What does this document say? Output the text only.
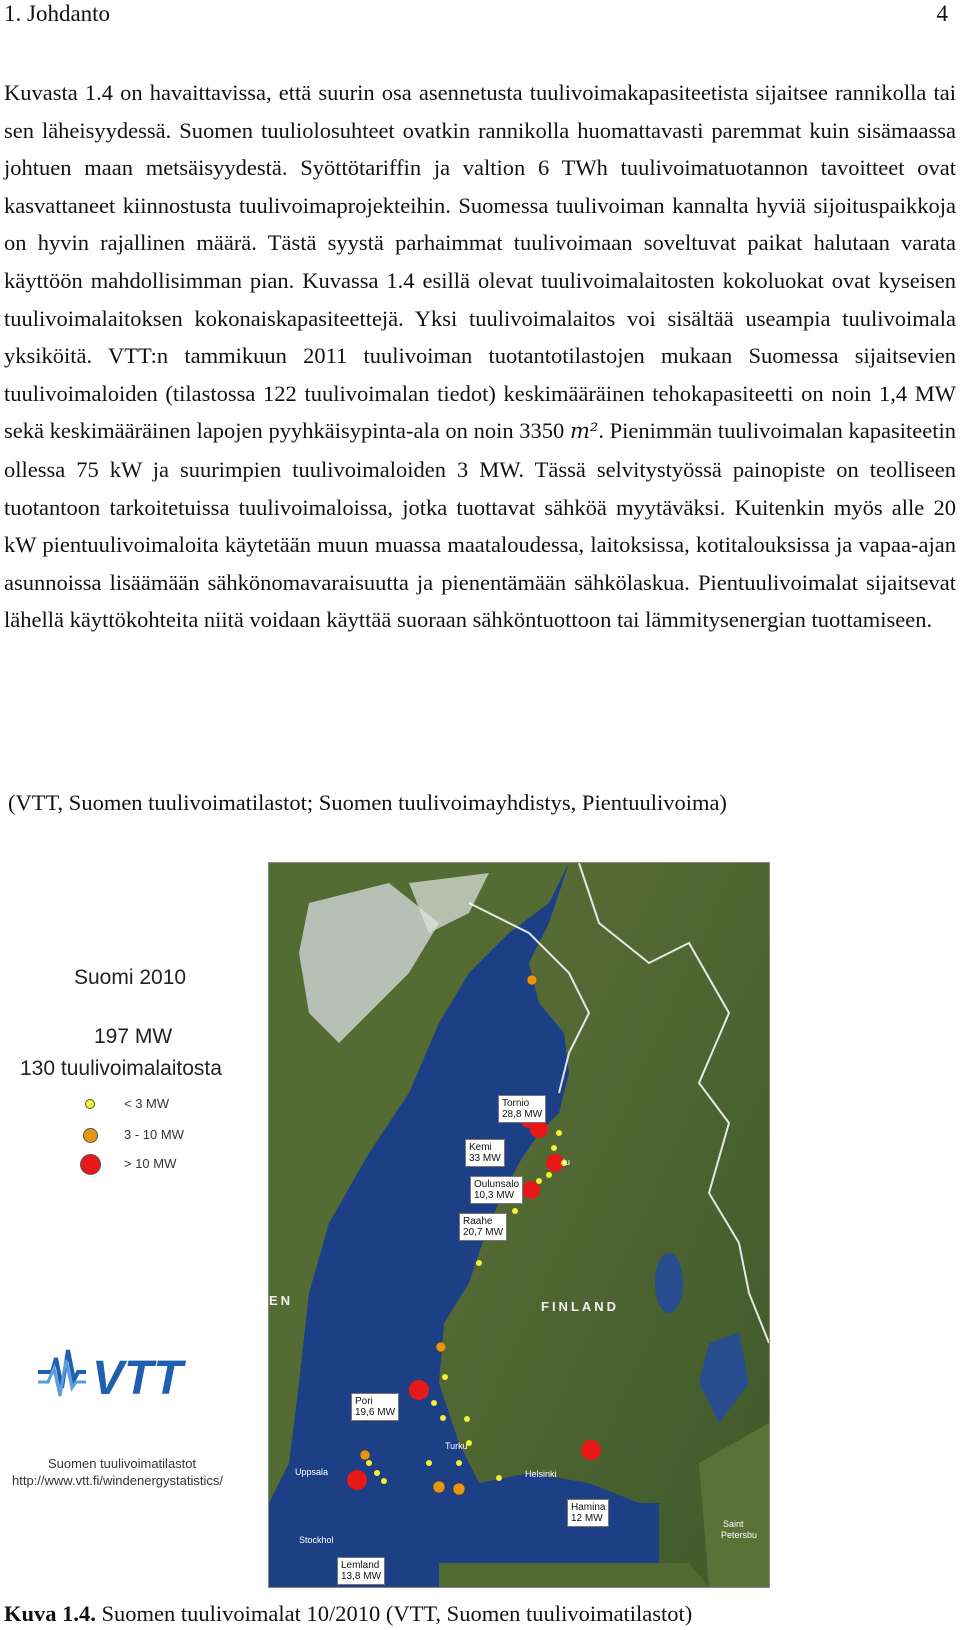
1. Johdanto	4

Kuvasta 1.4 on havaittavissa, että suurin osa asennetusta tuulivoimakapasiteetista sijaitsee rannikolla tai sen läheisyydessä. Suomen tuuliolosuhteet ovatkin rannikolla huomattavasti paremmat kuin sisämaassa johtuen maan metsäisyydestä. Syöttötariffin ja valtion 6 TWh tuulivoimatuotannon tavoitteet ovat kasvattaneet kiinnostusta tuulivoimaprojekteihin. Suomessa tuulivoiman kannalta hyviä sijoituspaikkoja on hyvin rajallinen määrä. Tästä syystä parhaimmat tuulivoimaan soveltuvat paikat halutaan varata käyttöön mahdollisimman pian. Kuvassa 1.4 esillä olevat tuulivoimalaitosten kokoluokat ovat kyseisen tuulivoimalaitoksen kokonaiskapasiteettejä. Yksi tuulivoimalaitos voi sisältää useampia tuulivoimala yksiköitä. VTT:n tammikuun 2011 tuulivoiman tuotantotilastojen mukaan Suomessa sijaitsevien tuulivoimaloiden (tilastossa 122 tuulivoimalan tiedot) keskimääräinen tehokapasiteetti on noin 1,4 MW sekä keskimääräinen lapojen pyyhkäisypinta-ala on noin 3350 m². Pienimmän tuulivoimalan kapasiteetin ollessa 75 kW ja suurimpien tuulivoimaloiden 3 MW. Tässä selvitystyössä painopiste on teolliseen tuotantoon tarkoitetuissa tuulivoimaloissa, jotka tuottavat sähköä myytäväksi. Kuitenkin myös alle 20 kW pientuulivoimaloita käytetään muun muassa maataloudessa, laitoksissa, kotitalouksissa ja vapaa-ajan asunnoissa lisäämään sähkönomavaraisuutta ja pienentämään sähkölaskua. Pientuulivoimalat sijaitsevat lähellä käyttökohteita niitä voidaan käyttää suoraan sähköntuottoon tai lämmitysenergian tuottamiseen.

(VTT, Suomen tuulivoimatilastot; Suomen tuulivoimayhdistys, Pientuulivoima)
Suomi 2010
197 MW
130 tuulivoimalaitosta
< 3 MW
3 - 10 MW
> 10 MW
VTT
Suomen tuulivoimatilastot
http://www.vtt.fi/windenergystatistics/
FINLAND
EN
Turku
Helsinki
Uppsala
Stockhol
Saint
Petersbu
lu
Tornio
28,8 MW
Kemi
33 MW
Oulunsalo
10,3 MW
Raahe
20,7 MW
Pori
19,6 MW
Hamina
12 MW
Lemland
13,8 MW
Kuva 1.4. Suomen tuulivoimalat 10/2010 (VTT, Suomen tuulivoimatilastot)
